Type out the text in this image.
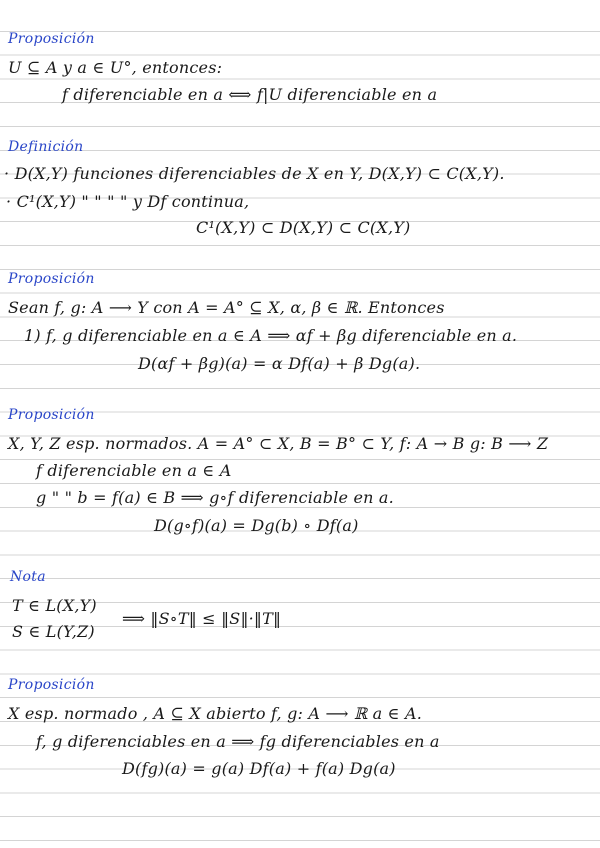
Proposición
U ⊆ A y a ∈ U°, entonces:
f diferenciable en a ⟺ f|U diferenciable en a
Definición
· D(X,Y) funciones diferenciables de X en Y, D(X,Y) ⊂ C(X,Y).
· C¹(X,Y) " " " " y Df continua,
C¹(X,Y) ⊂ D(X,Y) ⊂ C(X,Y)
Proposición
Sean f, g: A ⟶ Y con A = A° ⊆ X, α, β ∈ ℝ. Entonces
1) f, g diferenciable en a ∈ A ⟹ αf + βg diferenciable en a.
D(αf + βg)(a) = α Df(a) + β Dg(a).
Proposición
X, Y, Z esp. normados. A = A° ⊂ X, B = B° ⊂ Y, f: A → B g: B ⟶ Z
f diferenciable en a ∈ A
g " " b = f(a) ∈ B ⟹ g∘f diferenciable en a.
D(g∘f)(a) = Dg(b) ∘ Df(a)
Nota
T ∈ L(X,Y)
S ∈ L(Y,Z)
⟹ ‖S∘T‖ ≤ ‖S‖·‖T‖
Proposición
X esp. normado , A ⊆ X abierto f, g: A ⟶ ℝ a ∈ A.
f, g diferenciables en a ⟹ fg diferenciables en a
D(fg)(a) = g(a) Df(a) + f(a) Dg(a)
